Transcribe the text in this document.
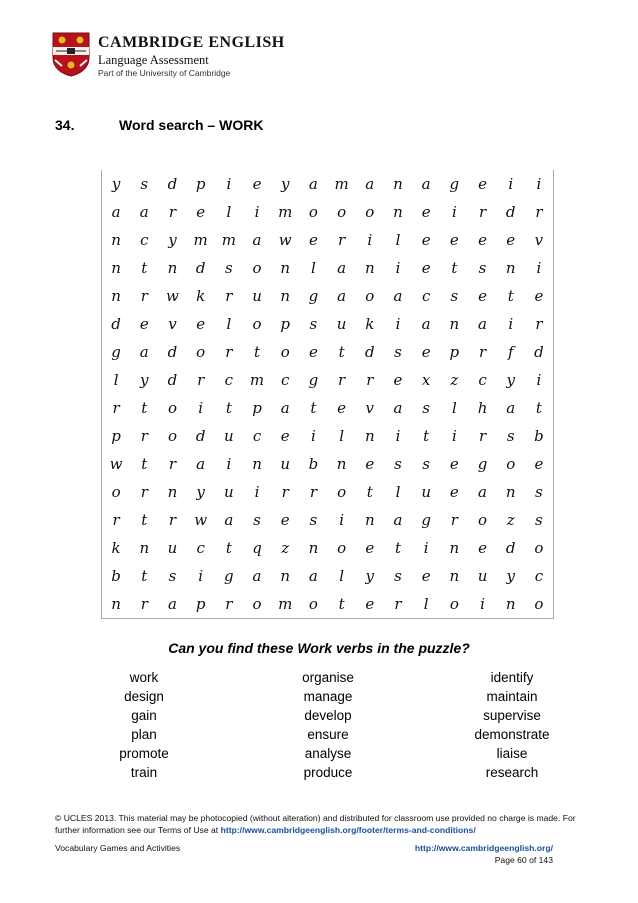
CAMBRIDGE ENGLISH
Language Assessment
Part of the University of Cambridge
34.	Word search – WORK
y	s	d	p	i	e	y	a	m	a	n	a	g	e	i	i
a	a	r	e	l	i	m	o	o	o	n	e	i	r	d	r
n	c	y	m	m	a	w	e	r	i	l	e	e	e	e	v
n	t	n	d	s	o	n	l	a	n	i	e	t	s	n	i
n	r	w	k	r	u	n	g	a	o	a	c	s	e	t	e
d	e	v	e	l	o	p	s	u	k	i	a	n	a	i	r
g	a	d	o	r	t	o	e	t	d	s	e	p	r	f	d
l	y	d	r	c	m	c	g	r	r	e	x	z	c	y	i
r	t	o	i	t	p	a	t	e	v	a	s	l	h	a	t
p	r	o	d	u	c	e	i	l	n	i	t	i	r	s	b
w	t	r	a	i	n	u	b	n	e	s	s	e	g	o	e
o	r	n	y	u	i	r	r	o	t	l	u	e	a	n	s
r	t	r	w	a	s	e	s	i	n	a	g	r	o	z	s
k	n	u	c	t	q	z	n	o	e	t	i	n	e	d	o
b	t	s	i	g	a	n	a	l	y	s	e	n	u	y	c
n	r	a	p	r	o	m	o	t	e	r	l	o	i	n	o
Can you find these Work verbs in the puzzle?
work
design
gain
plan
promote
train
organise
manage
develop
ensure
analyse
produce
identify
maintain
supervise
demonstrate
liaise
research
© UCLES 2013. This material may be photocopied (without alteration) and distributed for classroom use provided no charge is made. For further information see our Terms of Use at http://www.cambridgeenglish.org/footer/terms-and-conditions/
Vocabulary Games and Activities	http://www.cambridgeenglish.org/
Page 60 of 143
